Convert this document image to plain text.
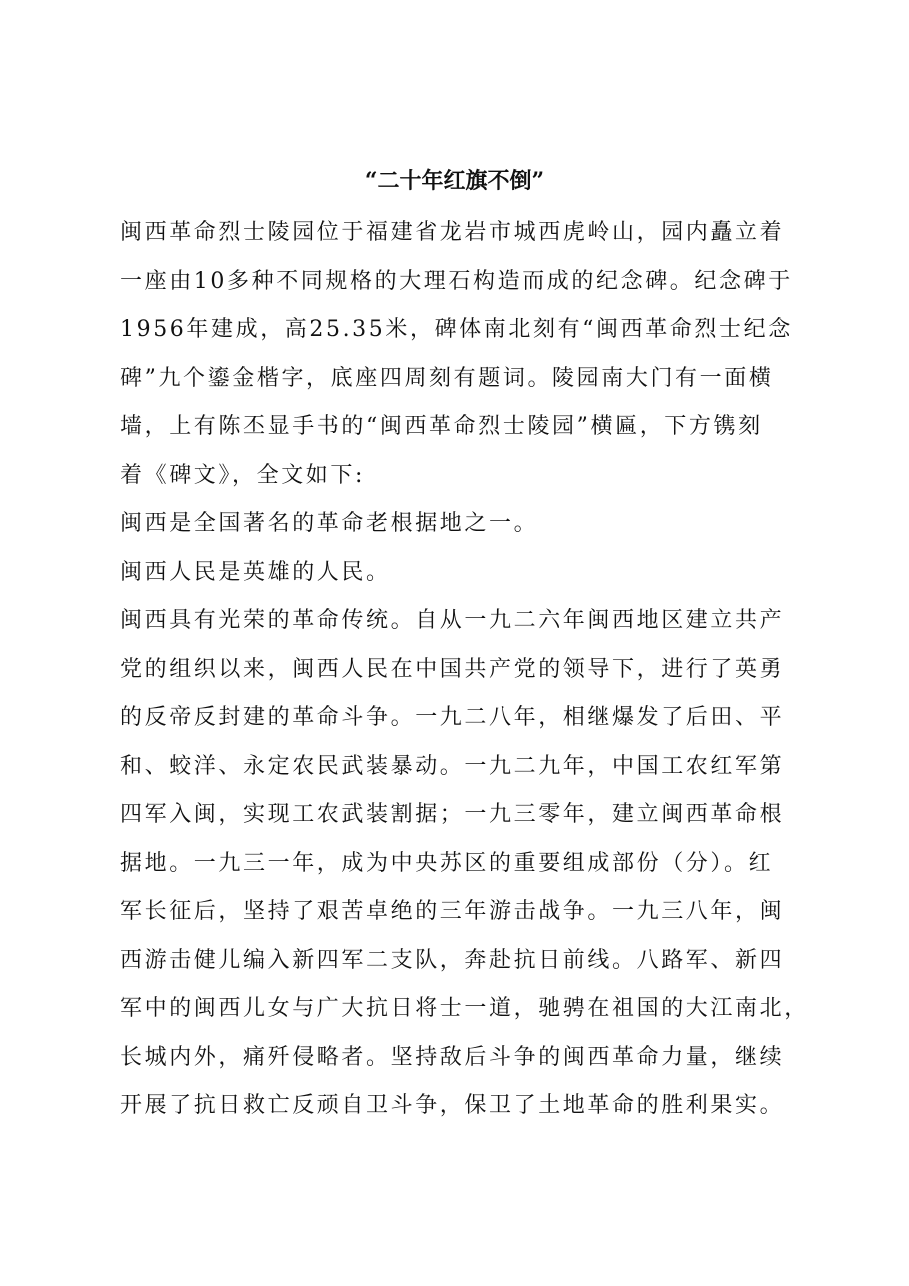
“二十年红旗不倒”
闽西革命烈士陵园位于福建省龙岩市城西虎岭山，园内矗立着
一座由10多种不同规格的大理石构造而成的纪念碑。纪念碑于
1956年建成，高25.35米，碑体南北刻有“闽西革命烈士纪念
碑”九个鎏金楷字，底座四周刻有题词。陵园南大门有一面横
墙，上有陈丕显手书的“闽西革命烈士陵园”横匾，下方镌刻
着《碑文》，全文如下:
闽西是全国著名的革命老根据地之一。
闽西人民是英雄的人民。
闽西具有光荣的革命传统。自从一九二六年闽西地区建立共产
党的组织以来，闽西人民在中国共产党的领导下，进行了英勇
的反帝反封建的革命斗争。一九二八年，相继爆发了后田、平
和、蛟洋、永定农民武装暴动。一九二九年，中国工农红军第
四军入闽，实现工农武装割据；一九三零年，建立闽西革命根
据地。一九三一年，成为中央苏区的重要组成部份（分）。红
军长征后，坚持了艰苦卓绝的三年游击战争。一九三八年，闽
西游击健儿编入新四军二支队，奔赴抗日前线。八路军、新四
军中的闽西儿女与广大抗日将士一道，驰骋在祖国的大江南北，
长城内外，痛歼侵略者。坚持敌后斗争的闽西革命力量，继续
开展了抗日救亡反顽自卫斗争，保卫了土地革命的胜利果实。
